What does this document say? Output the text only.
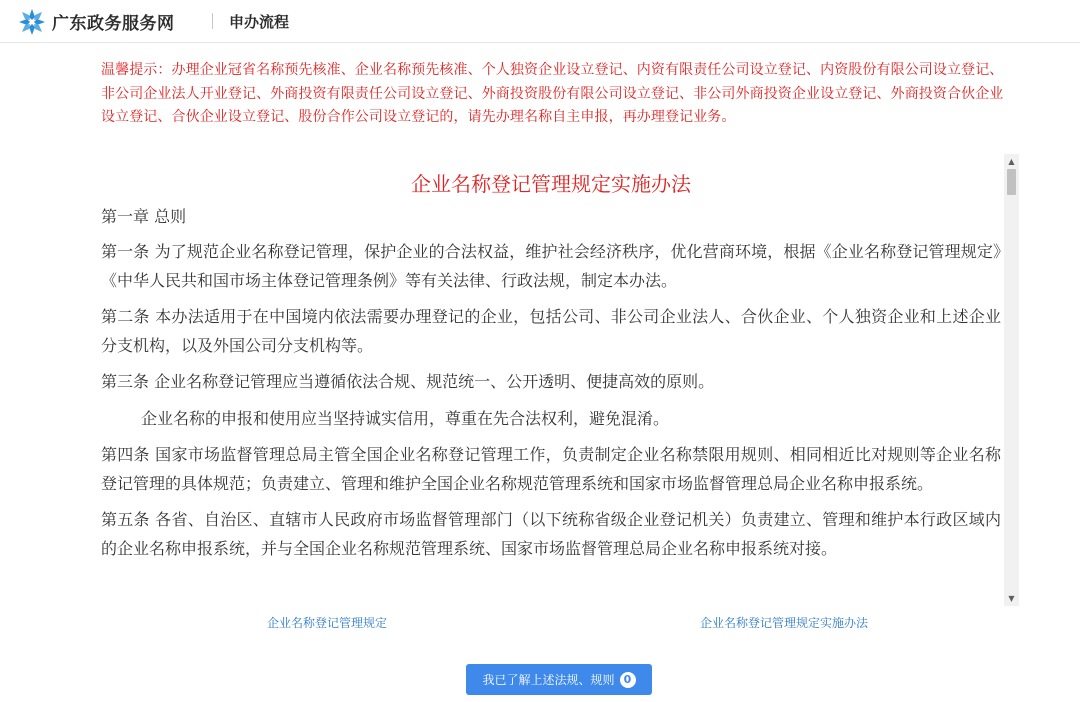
广东政务服务网	申办流程
温馨提示：办理企业冠省名称预先核准、企业名称预先核准、个人独资企业设立登记、内资有限责任公司设立登记、内资股份有限公司设立登记、非公司企业法人开业登记、外商投资有限责任公司设立登记、外商投资股份有限公司设立登记、非公司外商投资企业设立登记、外商投资合伙企业设立登记、合伙企业设立登记、股份合作公司设立登记的，请先办理名称自主申报，再办理登记业务。
企业名称登记管理规定实施办法
第一章 总则

第一条 为了规范企业名称登记管理，保护企业的合法权益，维护社会经济秩序，优化营商环境，根据《企业名称登记管理规定》《中华人民共和国市场主体登记管理条例》等有关法律、行政法规，制定本办法。

第二条 本办法适用于在中国境内依法需要办理登记的企业，包括公司、非公司企业法人、合伙企业、个人独资企业和上述企业分支机构，以及外国公司分支机构等。

第三条 企业名称登记管理应当遵循依法合规、规范统一、公开透明、便捷高效的原则。

企业名称的申报和使用应当坚持诚实信用，尊重在先合法权利，避免混淆。

第四条 国家市场监督管理总局主管全国企业名称登记管理工作，负责制定企业名称禁限用规则、相同相近比对规则等企业名称登记管理的具体规范；负责建立、管理和维护全国企业名称规范管理系统和国家市场监督管理总局企业名称申报系统。

第五条 各省、自治区、直辖市人民政府市场监督管理部门（以下统称省级企业登记机关）负责建立、管理和维护本行政区域内的企业名称申报系统，并与全国企业名称规范管理系统、国家市场监督管理总局企业名称申报系统对接。

▲
▼
企业名称登记管理规定	企业名称登记管理规定实施办法
我已了解上述法规、规则 0
